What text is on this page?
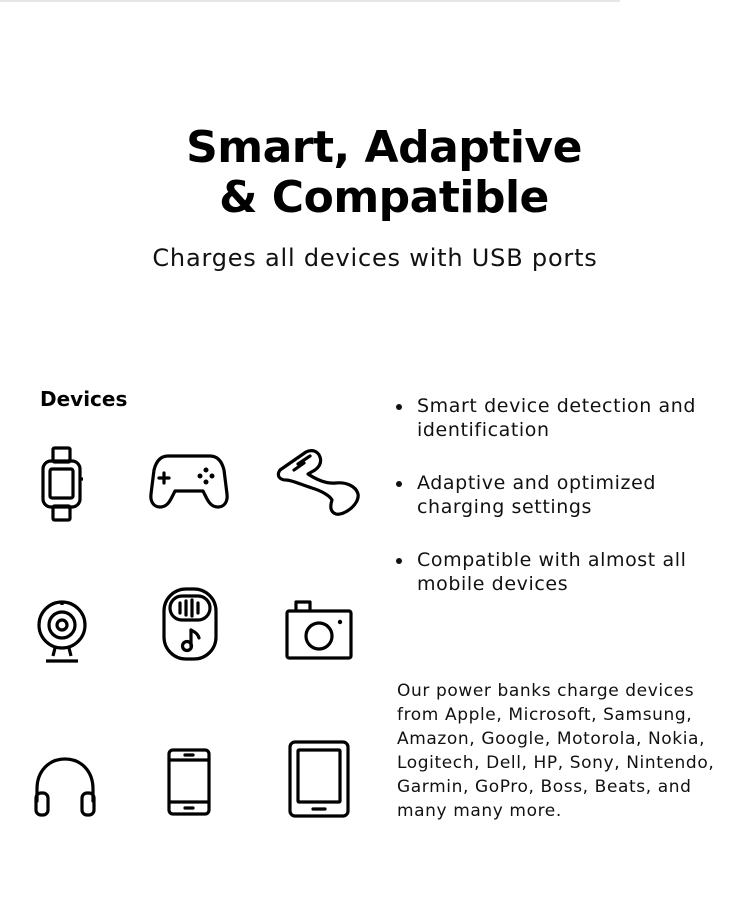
Smart, Adaptive
& Compatible
Charges all devices with USB ports
Devices	Smart device detection and identification
Adaptive and optimized charging settings
Compatible with almost all mobile devices

Our power banks charge devices from Apple, Microsoft, Samsung, Amazon, Google, Motorola, Nokia, Logitech, Dell, HP, Sony, Nintendo, Garmin, GoPro, Boss, Beats, and many many more.
